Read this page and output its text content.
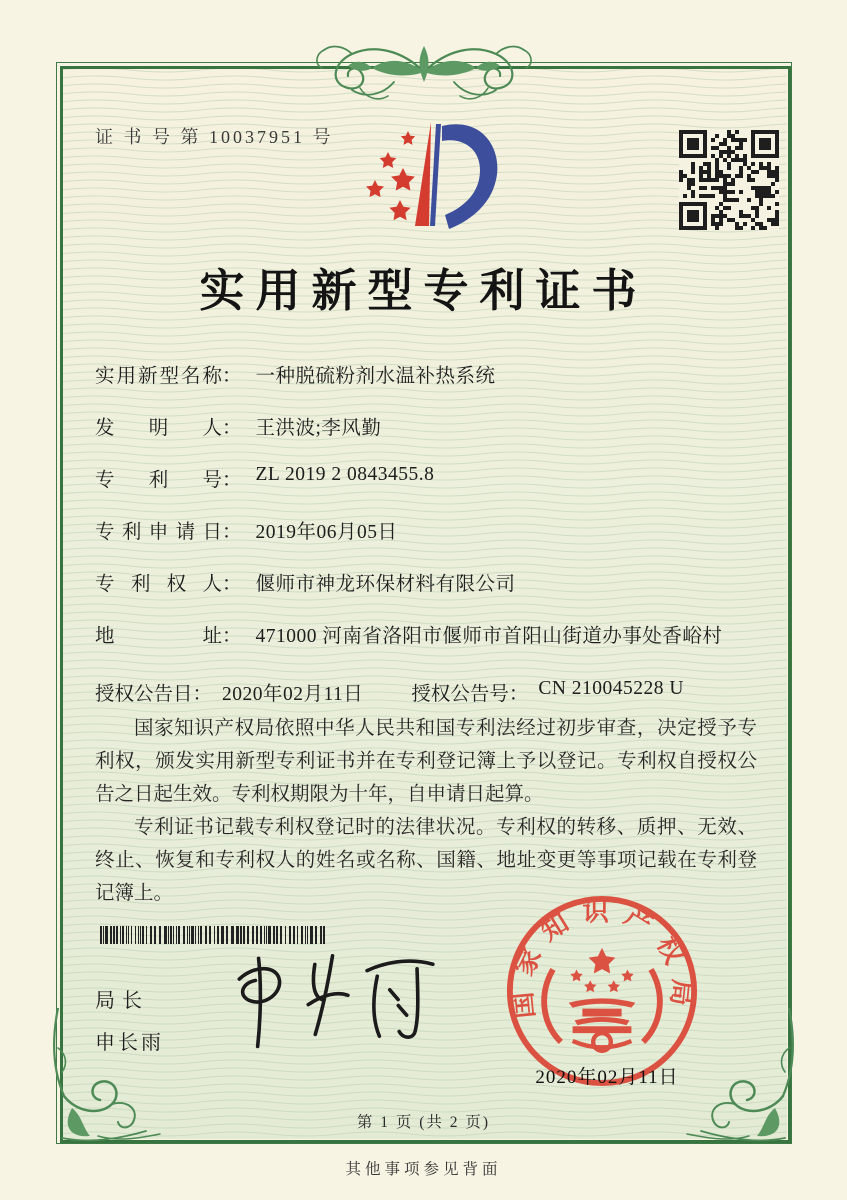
证 书 号 第 10037951 号
实用新型专利证书
实用新型名称 ： 一种脱硫粉剂水温补热系统
发明人 ： 王洪波;李风勤
专利号 ： ZL 2019 2 0843455.8
专利申请日 ： 2019年06月05日
专利权人 ： 偃师市神龙环保材料有限公司
地址 ： 471000 河南省洛阳市偃师市首阳山街道办事处香峪村
授权公告日 ： 2020年02月11日 授权公告号 ： CN 210045228 U

国家知识产权局依照中华人民共和国专利法经过初步审查，决定授予专利权，颁发实用新型专利证书并在专利登记簿上予以登记。专利权自授权公告之日起生效。专利权期限为十年，自申请日起算。

专利证书记载专利权登记时的法律状况。专利权的转移、质押、无效、终止、恢复和专利权人的姓名或名称、国籍、地址变更等事项记载在专利登记簿上。

局长
申长雨
国家知识产权局
2020年02月11日
第 1 页 (共 2 页)
其他事项参见背面
